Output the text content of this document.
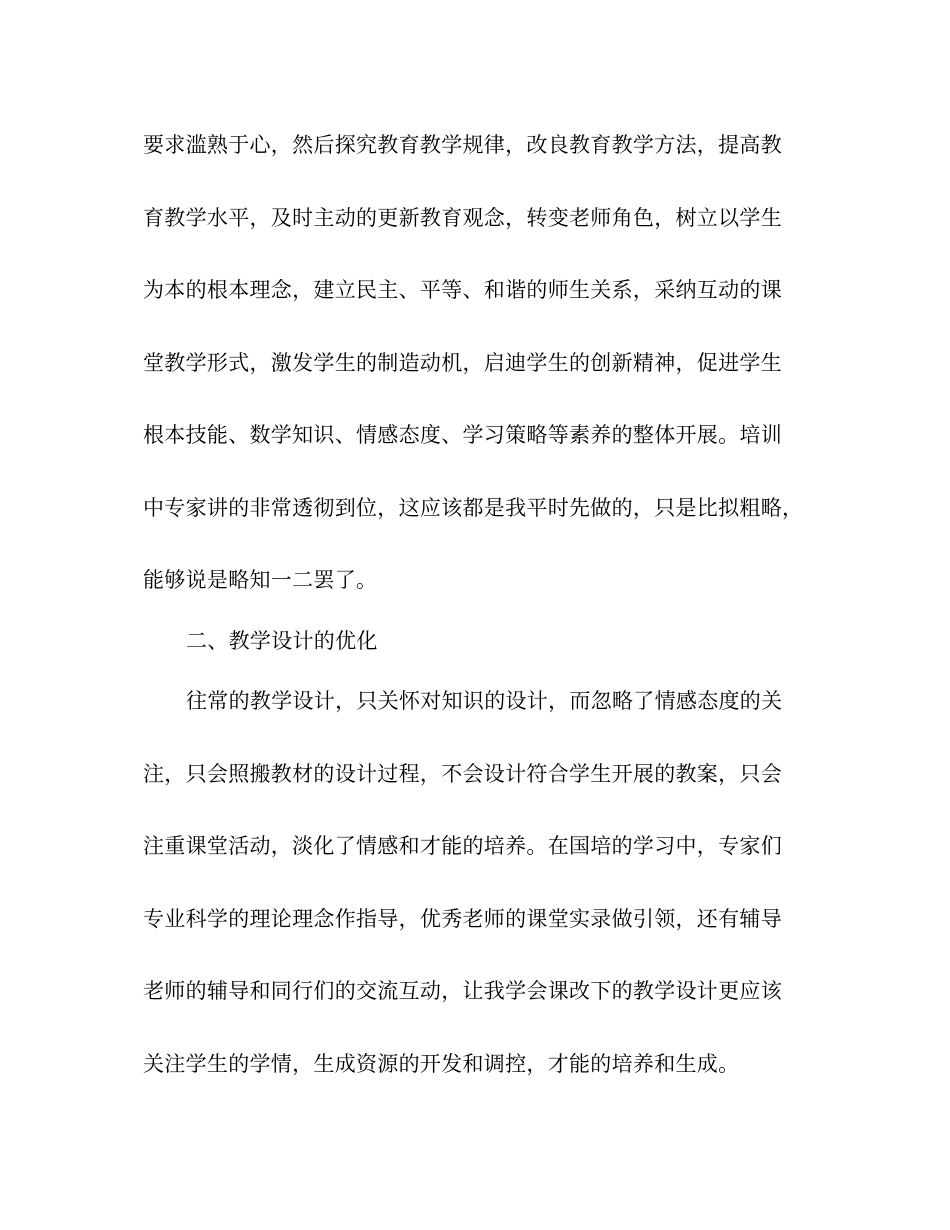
要求滥熟于心，然后探究教育教学规律，改良教育教学方法，提高教

育教学水平，及时主动的更新教育观念，转变老师角色，树立以学生

为本的根本理念，建立民主、平等、和谐的师生关系，采纳互动的课

堂教学形式，激发学生的制造动机，启迪学生的创新精神，促进学生

根本技能、数学知识、情感态度、学习策略等素养的整体开展。培训

中专家讲的非常透彻到位，这应该都是我平时先做的，只是比拟粗略，

能够说是略知一二罢了。

二、教学设计的优化

往常的教学设计，只关怀对知识的设计，而忽略了情感态度的关

注，只会照搬教材的设计过程，不会设计符合学生开展的教案，只会

注重课堂活动，淡化了情感和才能的培养。在国培的学习中，专家们

专业科学的理论理念作指导，优秀老师的课堂实录做引领，还有辅导

老师的辅导和同行们的交流互动，让我学会课改下的教学设计更应该

关注学生的学情，生成资源的开发和调控，才能的培养和生成。
